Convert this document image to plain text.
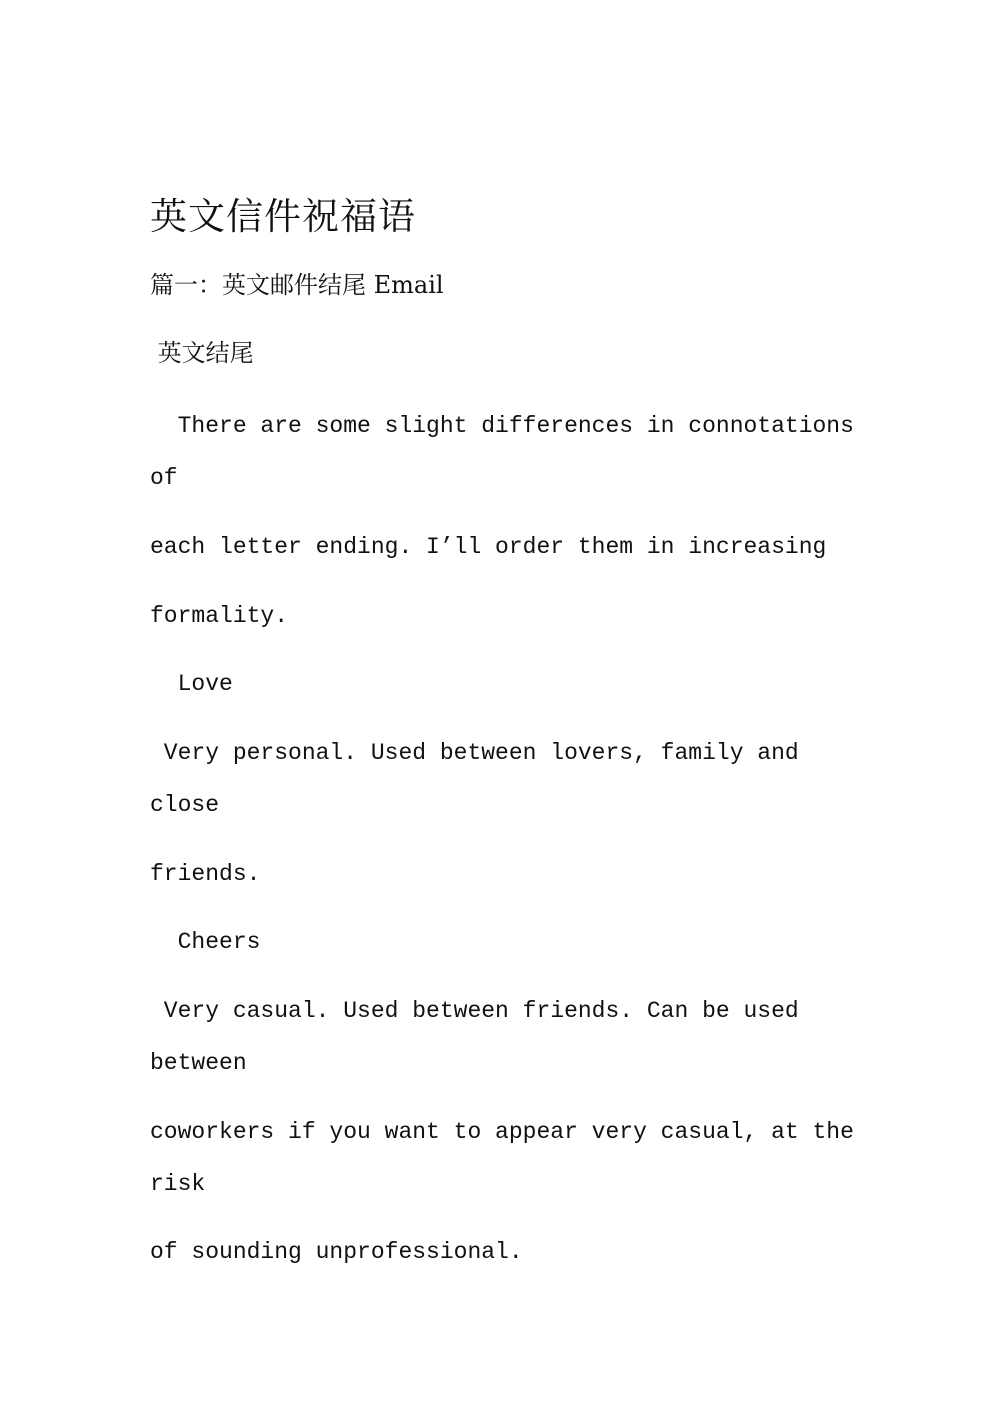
英文信件祝福语
篇一：英文邮件结尾 Email
英文结尾
There are some slight differences in connotations
of
each letter ending. I’ll order them in increasing
formality.
Love
Very personal. Used between lovers, family and
close
friends.
Cheers
Very casual. Used between friends. Can be used
between
coworkers if you want to appear very casual, at the
risk
of sounding unprofessional.
